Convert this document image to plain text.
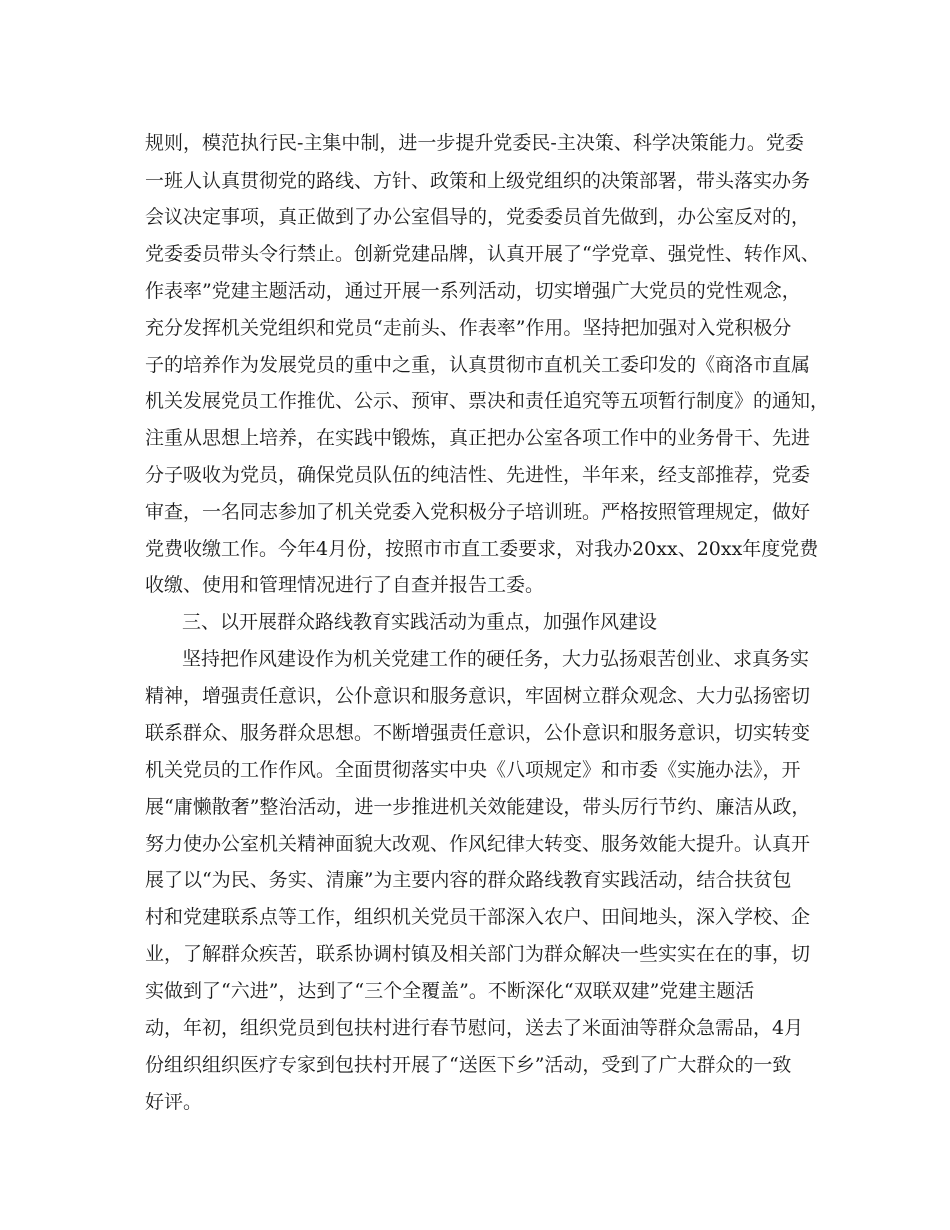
规则，模范执行民-主集中制，进一步提升党委民-主决策、科学决策能力。党委
一班人认真贯彻党的路线、方针、政策和上级党组织的决策部署，带头落实办务
会议决定事项，真正做到了办公室倡导的，党委委员首先做到，办公室反对的，
党委委员带头令行禁止。创新党建品牌，认真开展了“学党章、强党性、转作风、
作表率”党建主题活动，通过开展一系列活动，切实增强广大党员的党性观念，
充分发挥机关党组织和党员“走前头、作表率”作用。坚持把加强对入党积极分
子的培养作为发展党员的重中之重，认真贯彻市直机关工委印发的《商洛市直属
机关发展党员工作推优、公示、预审、票决和责任追究等五项暂行制度》的通知，
注重从思想上培养，在实践中锻炼，真正把办公室各项工作中的业务骨干、先进
分子吸收为党员，确保党员队伍的纯洁性、先进性，半年来，经支部推荐，党委
审查，一名同志参加了机关党委入党积极分子培训班。严格按照管理规定，做好
党费收缴工作。今年4月份，按照市市直工委要求，对我办20xx、20xx年度党费
收缴、使用和管理情况进行了自查并报告工委。
三、以开展群众路线教育实践活动为重点，加强作风建设
坚持把作风建设作为机关党建工作的硬任务，大力弘扬艰苦创业、求真务实
精神，增强责任意识，公仆意识和服务意识，牢固树立群众观念、大力弘扬密切
联系群众、服务群众思想。不断增强责任意识，公仆意识和服务意识，切实转变
机关党员的工作作风。全面贯彻落实中央《八项规定》和市委《实施办法》，开
展“庸懒散奢”整治活动，进一步推进机关效能建设，带头厉行节约、廉洁从政，
努力使办公室机关精神面貌大改观、作风纪律大转变、服务效能大提升。认真开
展了以“为民、务实、清廉”为主要内容的群众路线教育实践活动，结合扶贫包
村和党建联系点等工作，组织机关党员干部深入农户、田间地头，深入学校、企
业，了解群众疾苦，联系协调村镇及相关部门为群众解决一些实实在在的事，切
实做到了“六进”，达到了“三个全覆盖”。不断深化“双联双建”党建主题活
动，年初，组织党员到包扶村进行春节慰问，送去了米面油等群众急需品，4月
份组织组织医疗专家到包扶村开展了“送医下乡”活动，受到了广大群众的一致
好评。
